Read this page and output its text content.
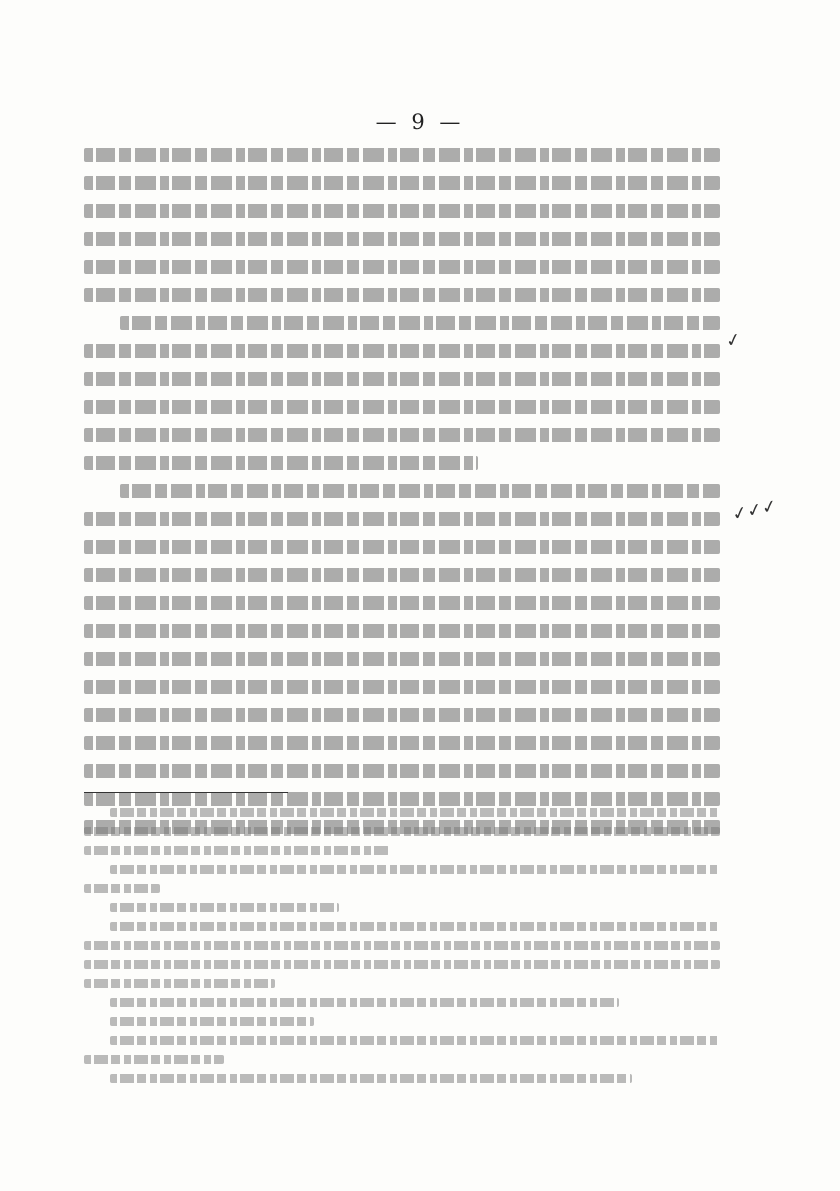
— 9 —
✓
✓✓✓
